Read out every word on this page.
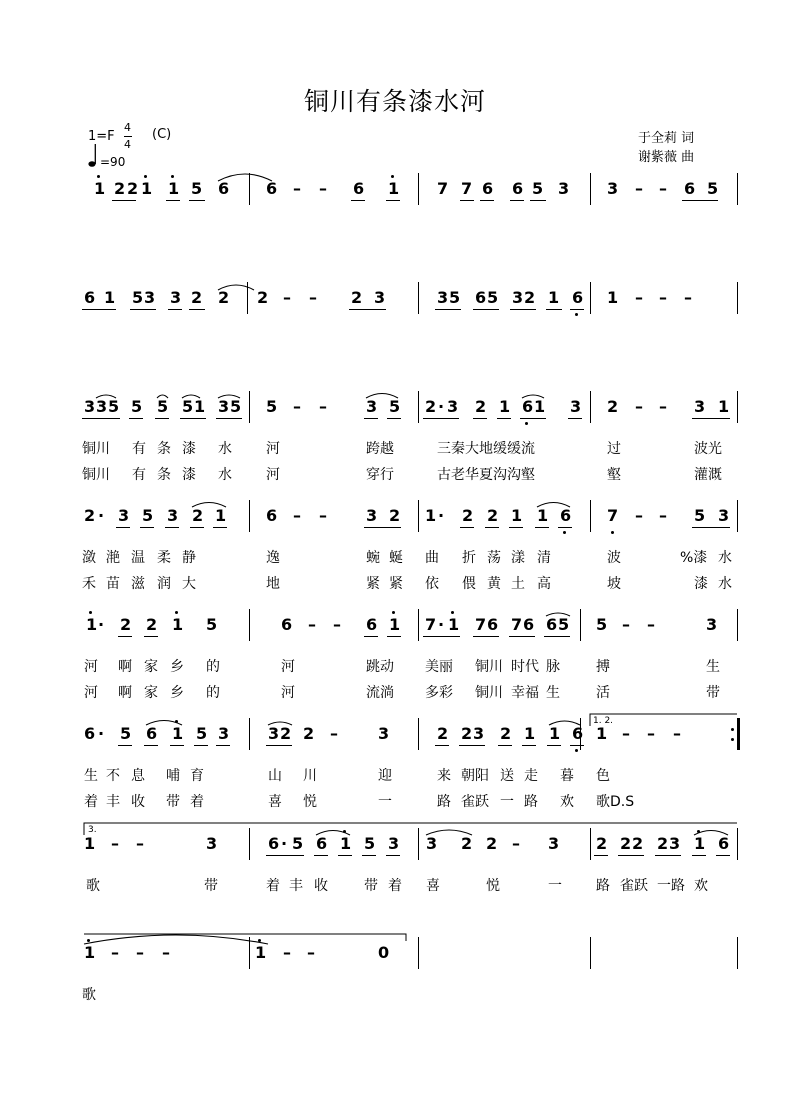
铜川有条漆水河
1=F
4
4
(C)
=90
于全莉 词
谢紫薇 曲
1 2 2 1 1 5 6 6 – – 6 1 7 7 6 6 5 3 3 – – 6 5
6 1 5 3 3 2 2 2 – – 2 3	3 5 6 5 3 2 1 6 1 – – –
3 3 5 5 5 5 1 3 5 5 – – 3 5 2 · 3 2 1 6 1 3 2 – – 3 1
铜川 有 条 漆 水 河	跨越	三秦大地缓缓流	过	波光
铜川 有 条 漆 水 河	穿行	古老华夏沟沟壑	壑	灌溉
2 · 3 5 3 2 1 6 – – 3 2 1 · 2 2 1 1 6 7 – – 5 3
潋 滟 温 柔 静	逸	蜿 蜒 曲 折 荡 漾 清	波	%漆 水
禾 苗 滋 润 大	地	紧 紧 依 偎 黄 土 高	坡	漆 水
1 · 2 2 1 5	6 – – 6 1 7 · 1 7 6 7 6 6 5 5 – –	3
河 啊 家 乡 的	河	跳动 美丽 铜川 时代 脉	搏	生
河 啊 家 乡 的	河	流淌 多彩 铜川 幸福 生	活	带
6 · 5 6 1 5 3 3 2 2 –	3	2 2 3 2 1 1 6 1 – – –
生 不 息 哺 育	山 川	迎	来 朝阳 送 走 暮 色
着 丰 收 带 着	喜 悦	一	路 雀跃 一 路 欢 歌D.S
1 – –	3	6 · 5 6 1 5 3 3 2 2 – 3 2 2 2 2 3 1 6
歌	带	着 丰 收	带 着 喜	悦	一 路 雀跃 一路 欢
1 – – –	1 – –	0
歌
1. 2.
3.
